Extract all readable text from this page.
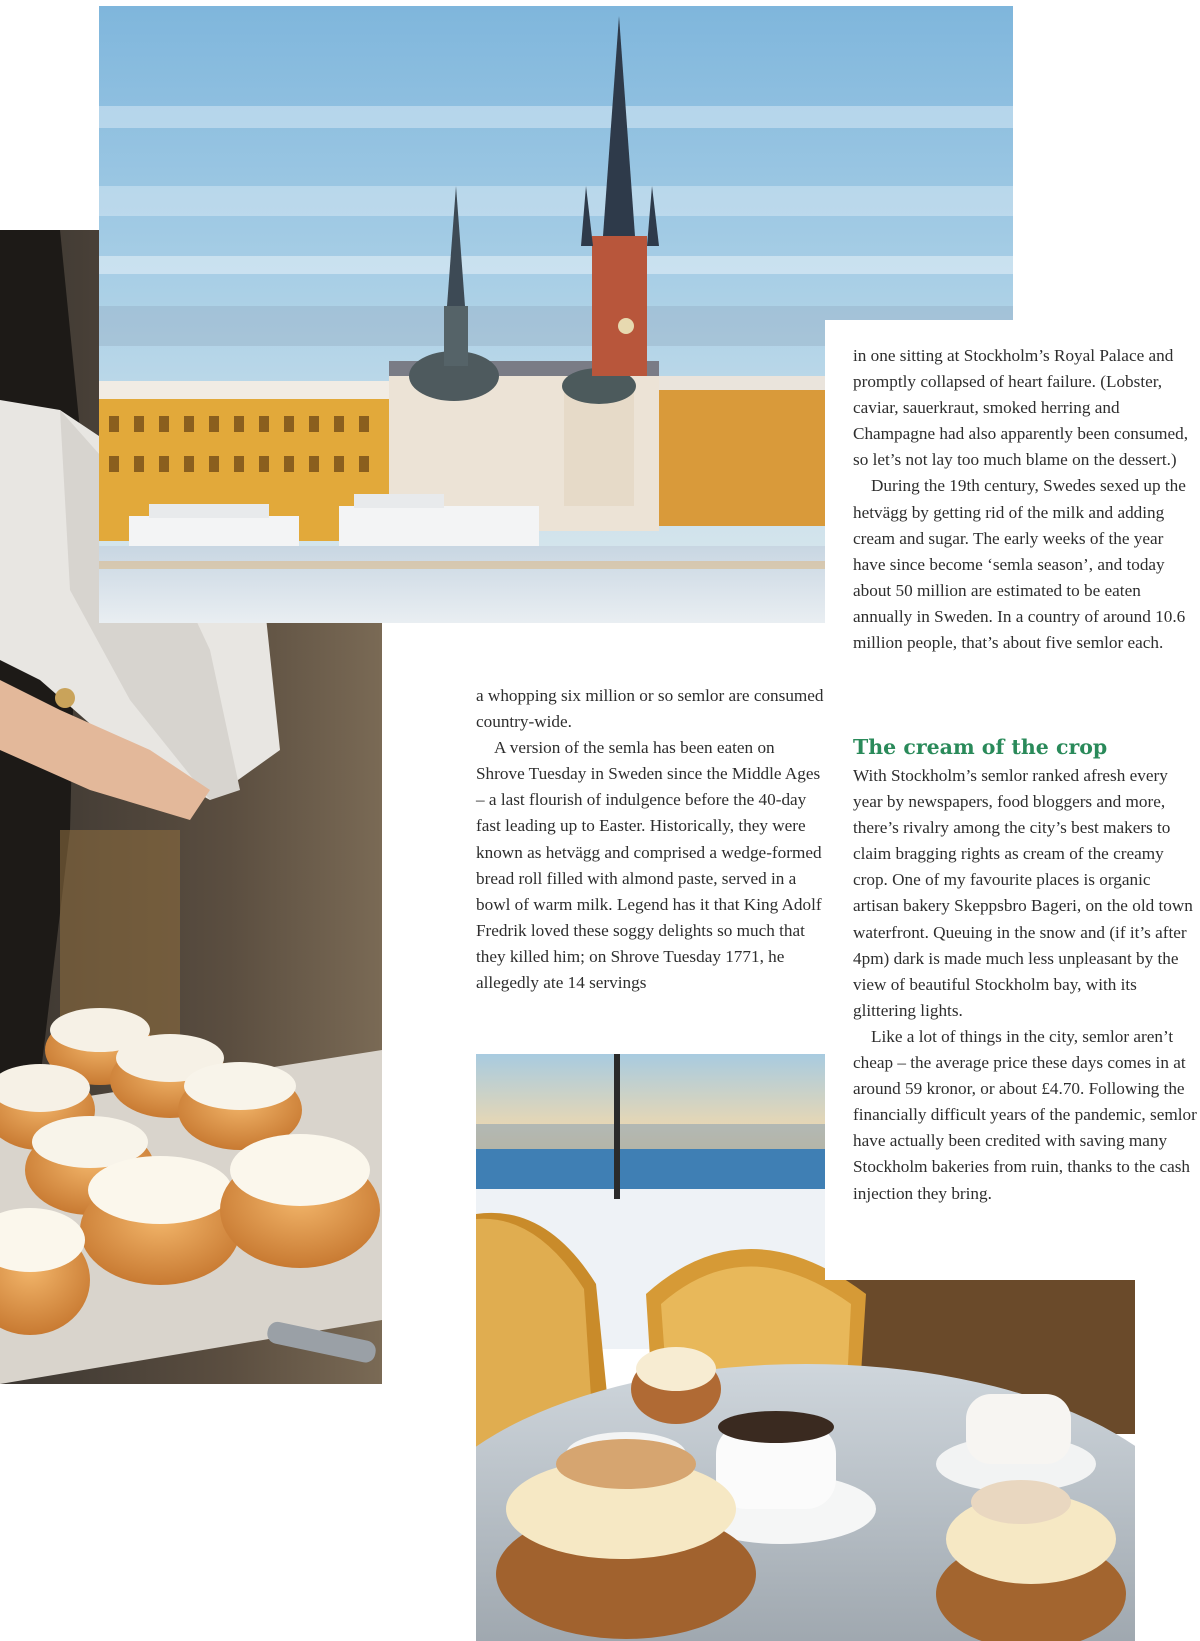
a whopping six million or so semlor are consumed country-wide.

A version of the semla has been eaten on Shrove Tuesday in Sweden since the Middle Ages – a last flourish of indulgence before the 40-day fast leading up to Easter. Historically, they were known as hetvägg and comprised a wedge-formed bread roll filled with almond paste, served in a bowl of warm milk. Legend has it that King Adolf Fredrik loved these soggy delights so much that they killed him; on Shrove Tuesday 1771, he allegedly ate 14 servings

in one sitting at Stockholm’s Royal Palace and promptly collapsed of heart failure. (Lobster, caviar, sauerkraut, smoked herring and Champagne had also apparently been consumed, so let’s not lay too much blame on the dessert.)

During the 19th century, Swedes sexed up the hetvägg by getting rid of the milk and adding cream and sugar. The early weeks of the year have since become ‘semla season’, and today about 50 million are estimated to be eaten annually in Sweden. In a country of around 10.6 million people, that’s about five semlor each.

The cream of the crop

With Stockholm’s semlor ranked afresh every year by newspapers, food bloggers and more, there’s rivalry among the city’s best makers to claim bragging rights as cream of the creamy crop. One of my favourite places is organic artisan bakery Skeppsbro Bageri, on the old town waterfront. Queuing in the snow and (if it’s after 4pm) dark is made much less unpleasant by the view of beautiful Stockholm bay, with its glittering lights.

Like a lot of things in the city, semlor aren’t cheap – the average price these days comes in at around 59 kronor, or about £4.70. Following the financially difficult years of the pandemic, semlor have actually been credited with saving many Stockholm bakeries from ruin, thanks to the cash injection they bring.
